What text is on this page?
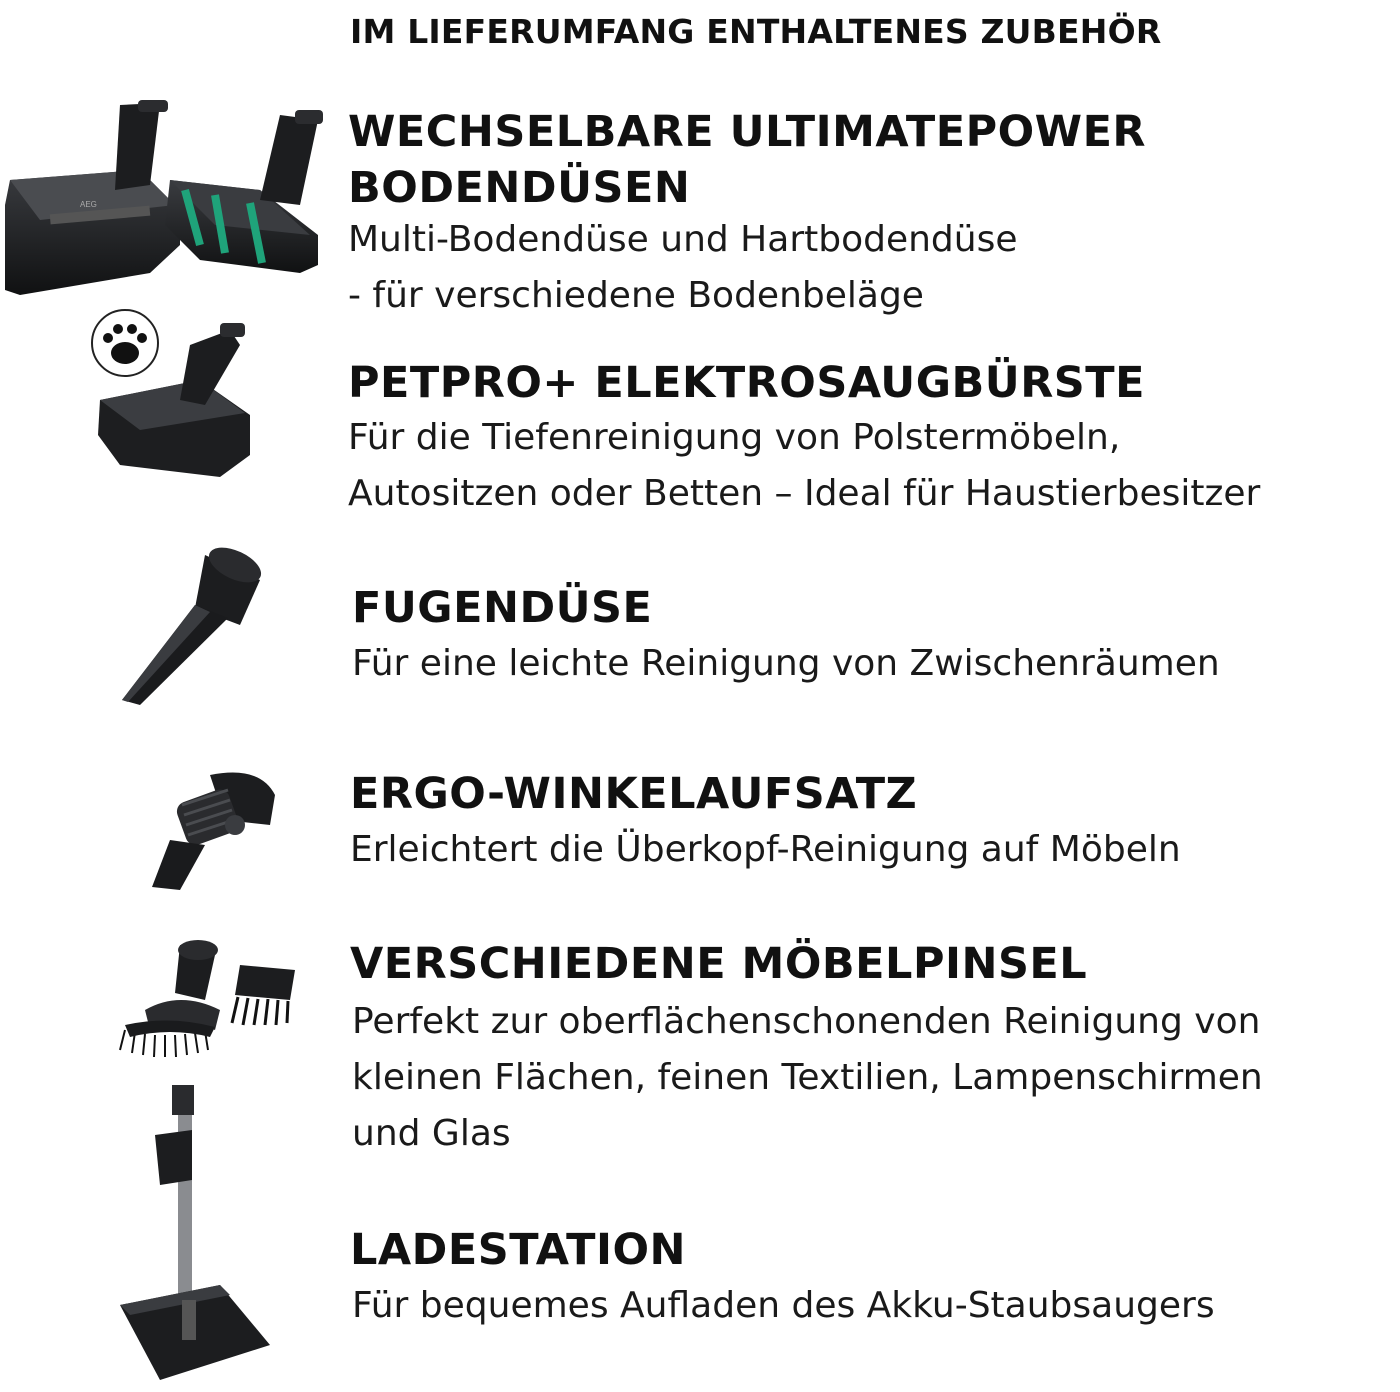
IM LIEFERUMFANG ENTHALTENES ZUBEHÖR
AEG
WECHSELBARE ULTIMATEPOWER
BODENDÜSEN
Multi-Bodendüse und Hartbodendüse
- für verschiedene Bodenbeläge
PETPRO+ ELEKTROSAUGBÜRSTE
Für die Tiefenreinigung von Polstermöbeln,
Autositzen oder Betten – Ideal für Haustierbesitzer
FUGENDÜSE
Für eine leichte Reinigung von Zwischenräumen
ERGO-WINKELAUFSATZ
Erleichtert die Überkopf-Reinigung auf Möbeln
VERSCHIEDENE MÖBELPINSEL
Perfekt zur oberflächenschonenden Reinigung von
kleinen Flächen, feinen Textilien, Lampenschirmen
und Glas
LADESTATION
Für bequemes Aufladen des Akku-Staubsaugers
